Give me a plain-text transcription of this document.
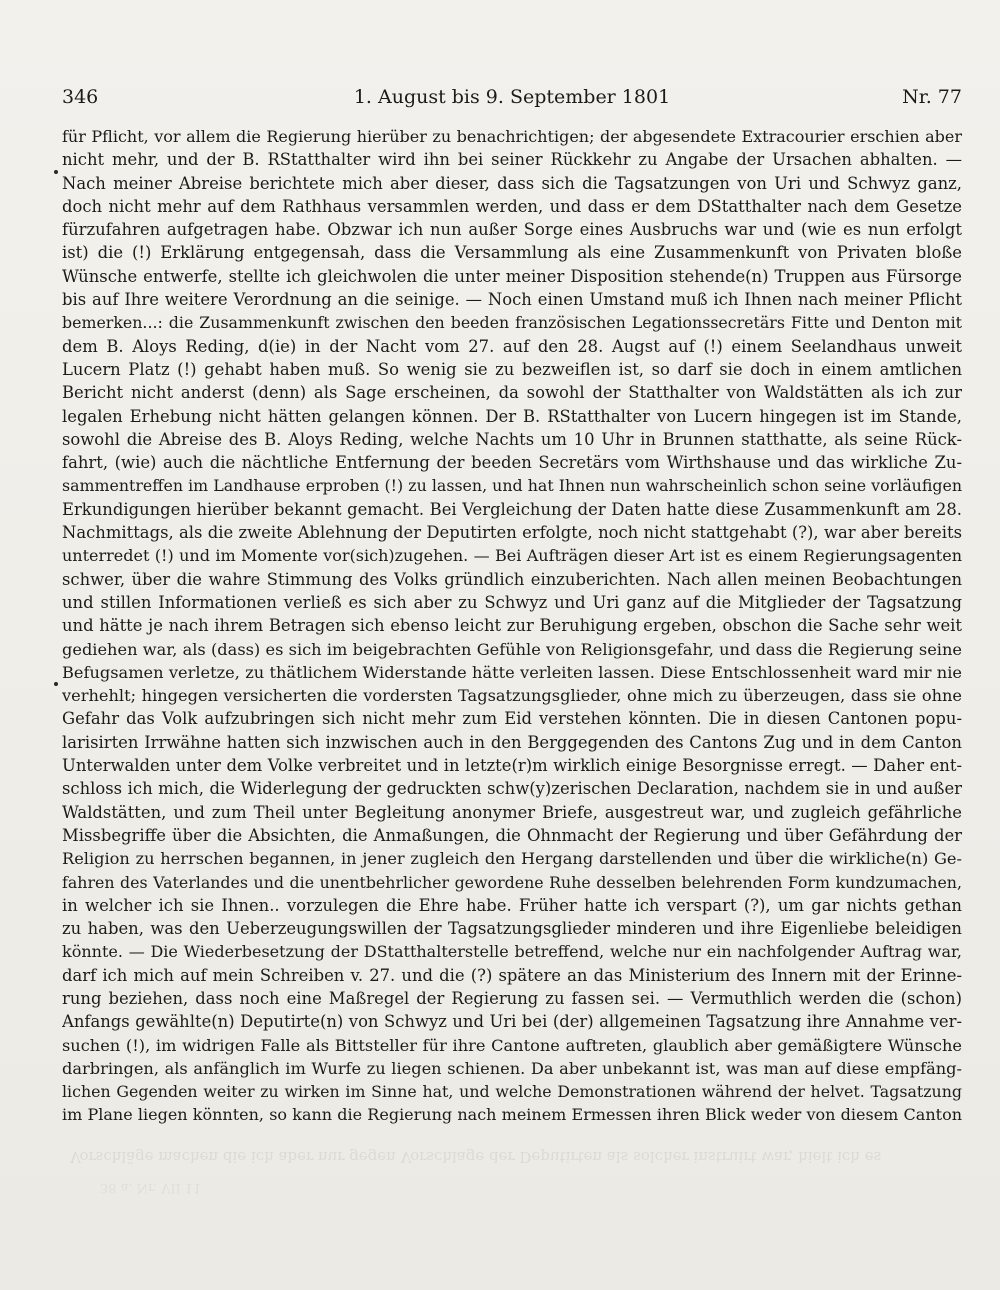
346	1. August bis 9. September 1801	Nr. 77
für Pflicht, vor allem die Regierung hierüber zu benachrichtigen; der abgesendete Extracourier erschien aber
nicht mehr, und der B. RStatthalter wird ihn bei seiner Rückkehr zu Angabe der Ursachen abhalten. —
Nach meiner Abreise berichtete mich aber dieser, dass sich die Tagsatzungen von Uri und Schwyz ganz,
doch nicht mehr auf dem Rathhaus versammlen werden, und dass er dem DStatthalter nach dem Gesetze
fürzufahren aufgetragen habe. Obzwar ich nun außer Sorge eines Ausbruchs war und (wie es nun erfolgt
ist) die (!) Erklärung entgegensah, dass die Versammlung als eine Zusammenkunft von Privaten bloße
Wünsche entwerfe, stellte ich gleichwolen die unter meiner Disposition stehende(n) Truppen aus Fürsorge
bis auf Ihre weitere Verordnung an die seinige. — Noch einen Umstand muß ich Ihnen nach meiner Pflicht
bemerken...: die Zusammenkunft zwischen den beeden französischen Legationssecretärs Fitte und Denton mit
dem B. Aloys Reding, d(ie) in der Nacht vom 27. auf den 28. Augst auf (!) einem Seelandhaus unweit
Lucern Platz (!) gehabt haben muß. So wenig sie zu bezweiflen ist, so darf sie doch in einem amtlichen
Bericht nicht anderst (denn) als Sage erscheinen, da sowohl der Statthalter von Waldstätten als ich zur
legalen Erhebung nicht hätten gelangen können. Der B. RStatthalter von Lucern hingegen ist im Stande,
sowohl die Abreise des B. Aloys Reding, welche Nachts um 10 Uhr in Brunnen statthatte, als seine Rück-
fahrt, (wie) auch die nächtliche Entfernung der beeden Secretärs vom Wirthshause und das wirkliche Zu-
sammentreffen im Landhause erproben (!) zu lassen, und hat Ihnen nun wahrscheinlich schon seine vorläufigen
Erkundigungen hierüber bekannt gemacht. Bei Vergleichung der Daten hatte diese Zusammenkunft am 28.
Nachmittags, als die zweite Ablehnung der Deputirten erfolgte, noch nicht stattgehabt (?), war aber bereits
unterredet (!) und im Momente vor(sich)zugehen. — Bei Aufträgen dieser Art ist es einem Regierungsagenten
schwer, über die wahre Stimmung des Volks gründlich einzuberichten. Nach allen meinen Beobachtungen
und stillen Informationen verließ es sich aber zu Schwyz und Uri ganz auf die Mitglieder der Tagsatzung
und hätte je nach ihrem Betragen sich ebenso leicht zur Beruhigung ergeben, obschon die Sache sehr weit
gediehen war, als (dass) es sich im beigebrachten Gefühle von Religionsgefahr, und dass die Regierung seine
Befugsamen verletze, zu thätlichem Widerstande hätte verleiten lassen. Diese Entschlossenheit ward mir nie
verhehlt; hingegen versicherten die vordersten Tagsatzungsglieder, ohne mich zu überzeugen, dass sie ohne
Gefahr das Volk aufzubringen sich nicht mehr zum Eid verstehen könnten. Die in diesen Cantonen popu-
larisirten Irrwähne hatten sich inzwischen auch in den Berggegenden des Cantons Zug und in dem Canton
Unterwalden unter dem Volke verbreitet und in letzte(r)m wirklich einige Besorgnisse erregt. — Daher ent-
schloss ich mich, die Widerlegung der gedruckten schw(y)zerischen Declaration, nachdem sie in und außer
Waldstätten, und zum Theil unter Begleitung anonymer Briefe, ausgestreut war, und zugleich gefährliche
Missbegriffe über die Absichten, die Anmaßungen, die Ohnmacht der Regierung und über Gefährdung der
Religion zu herrschen begannen, in jener zugleich den Hergang darstellenden und über die wirkliche(n) Ge-
fahren des Vaterlandes und die unentbehrlicher gewordene Ruhe desselben belehrenden Form kundzumachen,
in welcher ich sie Ihnen.. vorzulegen die Ehre habe. Früher hatte ich verspart (?), um gar nichts gethan
zu haben, was den Ueberzeugungswillen der Tagsatzungsglieder minderen und ihre Eigenliebe beleidigen
könnte. — Die Wiederbesetzung der DStatthalterstelle betreffend, welche nur ein nachfolgender Auftrag war,
darf ich mich auf mein Schreiben v. 27. und die (?) spätere an das Ministerium des Innern mit der Erinne-
rung beziehen, dass noch eine Maßregel der Regierung zu fassen sei. — Vermuthlich werden die (schon)
Anfangs gewählte(n) Deputirte(n) von Schwyz und Uri bei (der) allgemeinen Tagsatzung ihre Annahme ver-
suchen (!), im widrigen Falle als Bittsteller für ihre Cantone auftreten, glaublich aber gemäßigtere Wünsche
darbringen, als anfänglich im Wurfe zu liegen schienen. Da aber unbekannt ist, was man auf diese empfäng-
lichen Gegenden weiter zu wirken im Sinne hat, und welche Demonstrationen während der helvet. Tagsatzung
im Plane liegen könnten, so kann die Regierung nach meinem Ermessen ihren Blick weder von diesem Canton
Vorschläge machen die ich aber nur gegen Vorschlage der Deputirten als solcher instruirt war, hielt ich es
38 a. Nr. VII 11
